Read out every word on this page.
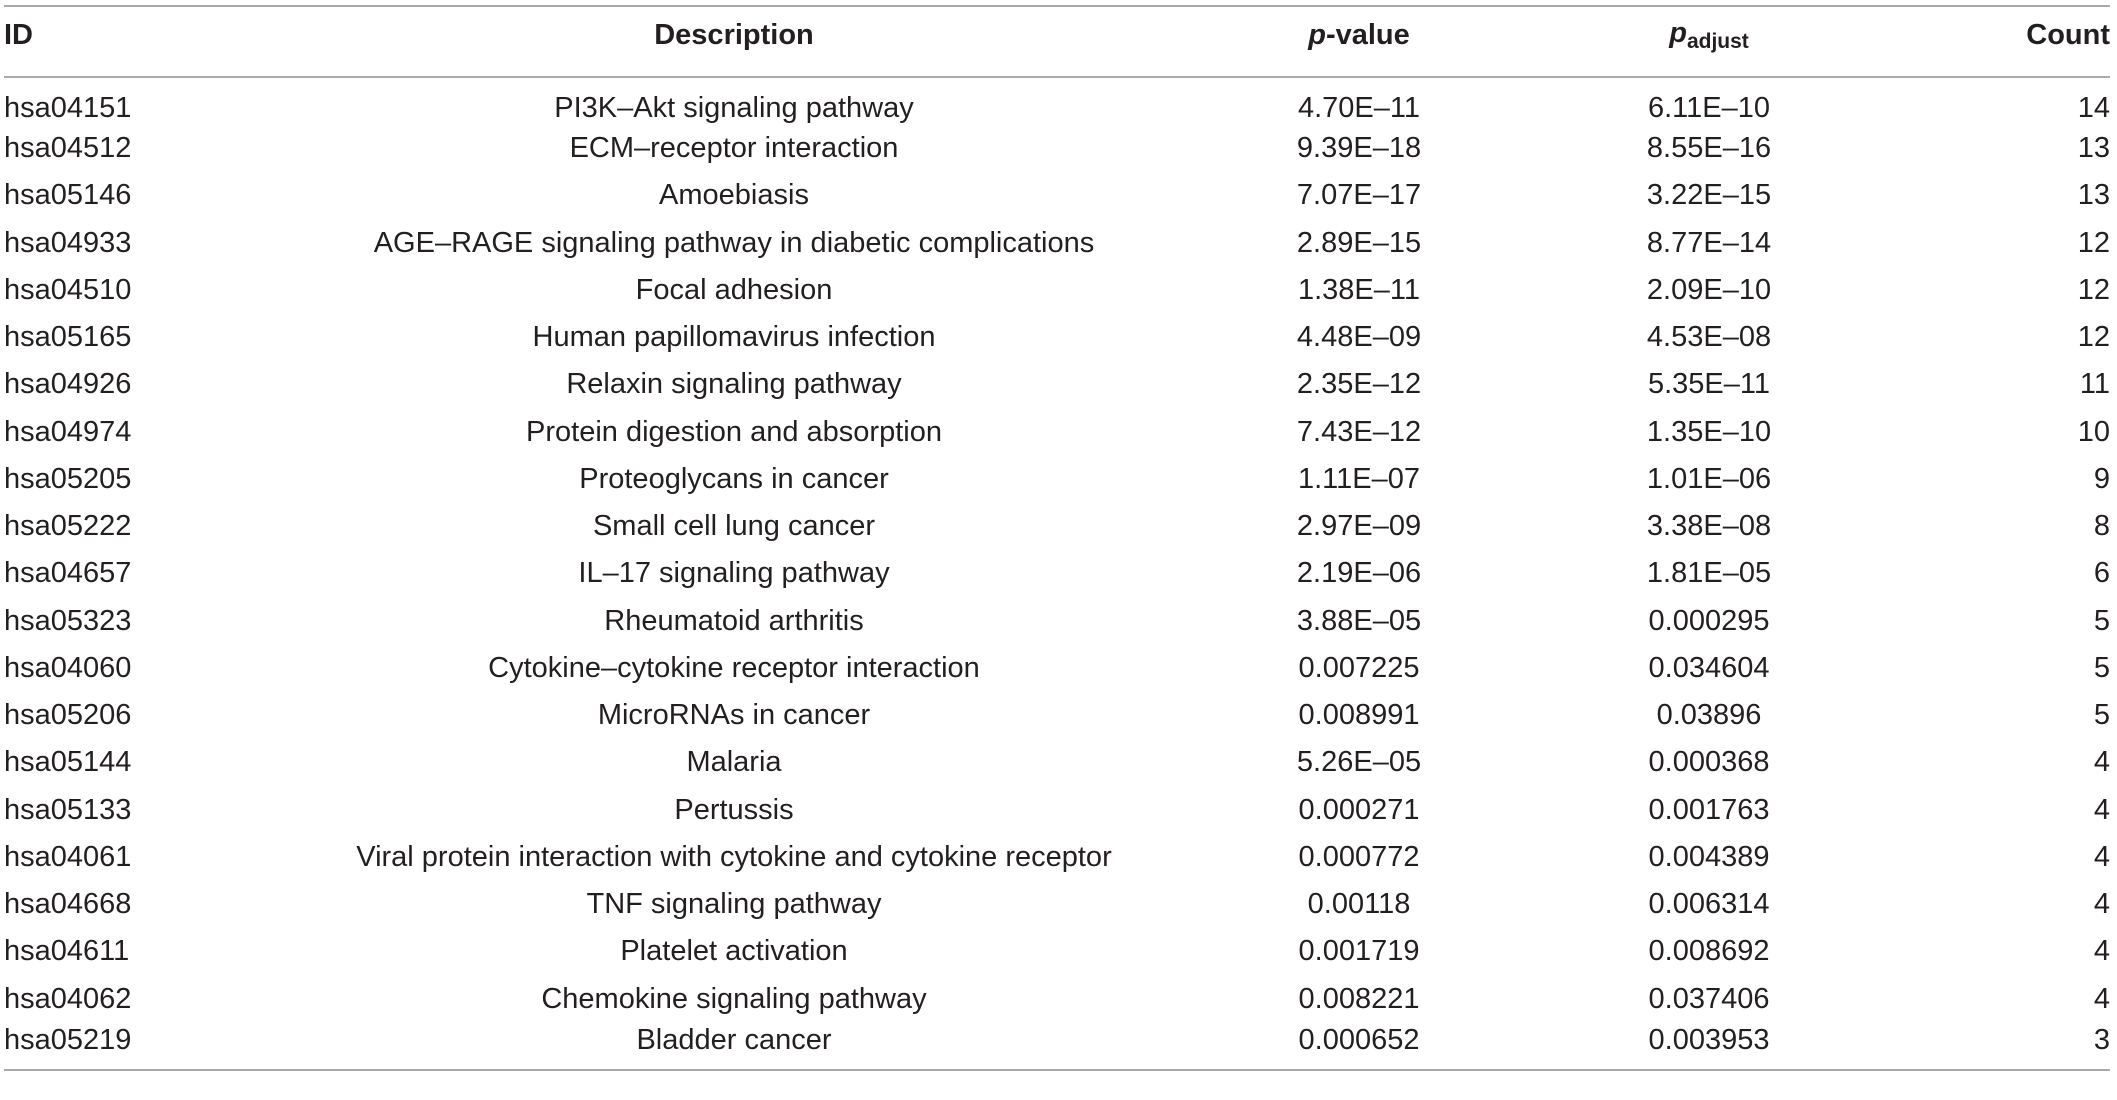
ID	Description	p-value	$p_{adjust}$	Count
hsa04151	PI3K–Akt signaling pathway	4.70E–11	6.11E–10	14
hsa04512	ECM–receptor interaction	9.39E–18	8.55E–16	13
hsa05146	Amoebiasis	7.07E–17	3.22E–15	13
hsa04933	AGE–RAGE signaling pathway in diabetic complications	2.89E–15	8.77E–14	12
hsa04510	Focal adhesion	1.38E–11	2.09E–10	12
hsa05165	Human papillomavirus infection	4.48E–09	4.53E–08	12
hsa04926	Relaxin signaling pathway	2.35E–12	5.35E–11	11
hsa04974	Protein digestion and absorption	7.43E–12	1.35E–10	10
hsa05205	Proteoglycans in cancer	1.11E–07	1.01E–06	9
hsa05222	Small cell lung cancer	2.97E–09	3.38E–08	8
hsa04657	IL–17 signaling pathway	2.19E–06	1.81E–05	6
hsa05323	Rheumatoid arthritis	3.88E–05	0.000295	5
hsa04060	Cytokine–cytokine receptor interaction	0.007225	0.034604	5
hsa05206	MicroRNAs in cancer	0.008991	0.03896	5
hsa05144	Malaria	5.26E–05	0.000368	4
hsa05133	Pertussis	0.000271	0.001763	4
hsa04061	Viral protein interaction with cytokine and cytokine receptor	0.000772	0.004389	4
hsa04668	TNF signaling pathway	0.00118	0.006314	4
hsa04611	Platelet activation	0.001719	0.008692	4
hsa04062	Chemokine signaling pathway	0.008221	0.037406	4
hsa05219	Bladder cancer	0.000652	0.003953	3
